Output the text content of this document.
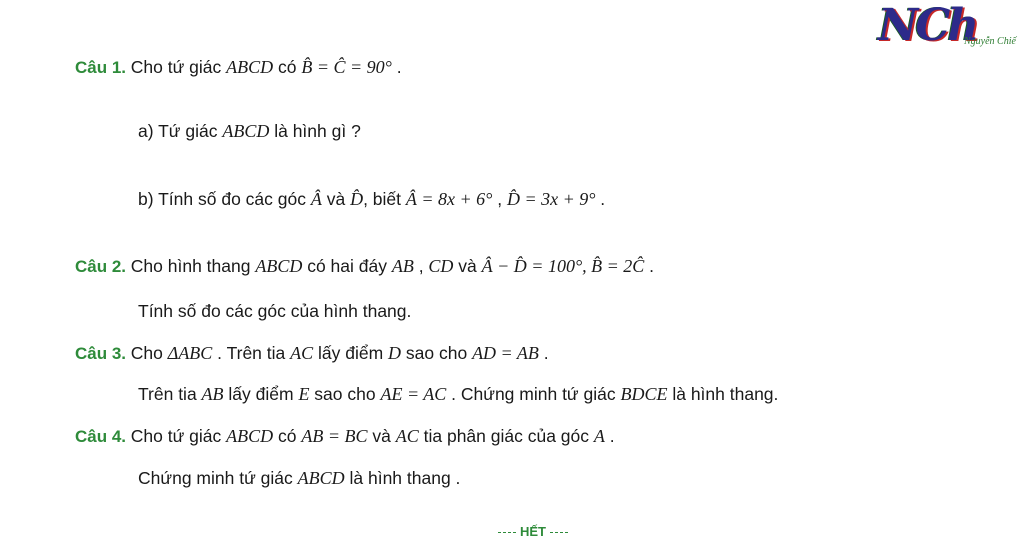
NCh
Nguyễn Chiế
Câu 1. Cho tứ giác ABCD có B̂ = Ĉ = 90° .
a) Tứ giác ABCD là hình gì ?
b) Tính số đo các góc Â và D̂, biết Â = 8x + 6° , D̂ = 3x + 9° .
Câu 2. Cho hình thang ABCD có hai đáy AB , CD và Â − D̂ = 100°, B̂ = 2Ĉ .
Tính số đo các góc của hình thang.
Câu 3. Cho ΔABC . Trên tia AC lấy điểm D sao cho AD = AB .
Trên tia AB lấy điểm E sao cho AE = AC . Chứng minh tứ giác BDCE là hình thang.
Câu 4. Cho tứ giác ABCD có AB = BC và AC tia phân giác của góc A .
Chứng minh tứ giác ABCD là hình thang .
HẾT
